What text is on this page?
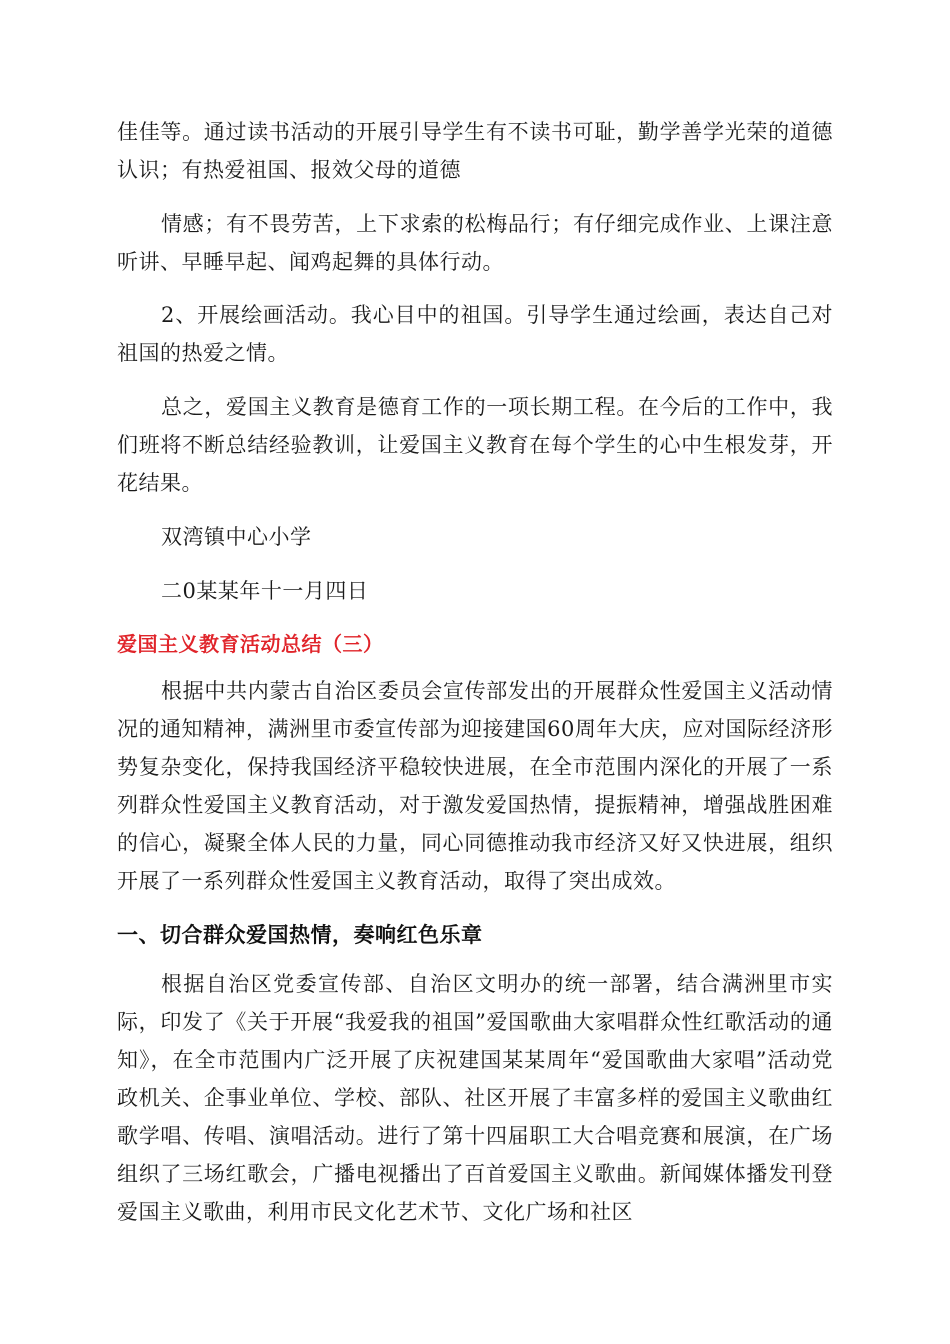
佳佳等。通过读书活动的开展引导学生有不读书可耻，勤学善学光荣的道德认识；有热爱祖国、报效父母的道德

情感；有不畏劳苦，上下求索的松梅品行；有仔细完成作业、上课注意听讲、早睡早起、闻鸡起舞的具体行动。

2、开展绘画活动。我心目中的祖国。引导学生通过绘画，表达自己对祖国的热爱之情。

总之，爱国主义教育是德育工作的一项长期工程。在今后的工作中，我们班将不断总结经验教训，让爱国主义教育在每个学生的心中生根发芽，开花结果。

双湾镇中心小学

二0某某年十一月四日

爱国主义教育活动总结（三）

根据中共内蒙古自治区委员会宣传部发出的开展群众性爱国主义活动情况的通知精神，满洲里市委宣传部为迎接建国60周年大庆，应对国际经济形势复杂变化，保持我国经济平稳较快进展，在全市范围内深化的开展了一系列群众性爱国主义教育活动，对于激发爱国热情，提振精神，增强战胜困难的信心，凝聚全体人民的力量，同心同德推动我市经济又好又快进展，组织开展了一系列群众性爱国主义教育活动，取得了突出成效。

一、切合群众爱国热情，奏响红色乐章

根据自治区党委宣传部、自治区文明办的统一部署，结合满洲里市实际，印发了《关于开展“我爱我的祖国”爱国歌曲大家唱群众性红歌活动的通知》，在全市范围内广泛开展了庆祝建国某某周年“爱国歌曲大家唱”活动党政机关、企事业单位、学校、部队、社区开展了丰富多样的爱国主义歌曲红歌学唱、传唱、演唱活动。进行了第十四届职工大合唱竞赛和展演，在广场组织了三场红歌会，广播电视播出了百首爱国主义歌曲。新闻媒体播发刊登爱国主义歌曲，利用市民文化艺术节、文化广场和社区
